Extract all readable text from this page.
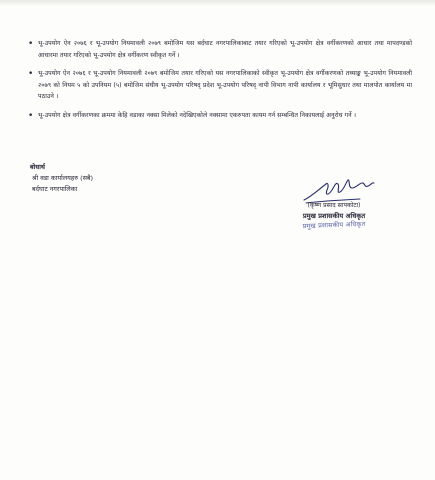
• भू-उपयोग ऐन २०७६ र भू-उपयोग नियमावली २०७९ बमोजिम यस बर्दघाट नगरपालिकाबाट तयार गरिएको भू-उपयोग क्षेत्र वर्गीकरणको आधार तथा मापदण्डको आधारमा तयार गरिएको भू-उपयोग क्षेत्र वर्गीकरण स्वीकृत गर्ने ।
• भू-उपयोग ऐन २०७६ र भू-उपयोग नियमावली २०७९ बमोजिम तयार गरिएको यस नगरपालिकाको स्वीकृत भू-उपयोग क्षेत्र वर्गीकरणको तथ्याङ्क भू-उपयोग नियमावली २०७९ को नियम ५ को उपनियम (५) बमोजिम संघीय भू-उपयोग परिषद् प्रदेश भू-उपयोग परिषद् नापी विभाग नापी कार्यालय र भूमिसुधार तथा मालपोत कार्यालय मा पठाउने ।
• भू-उपयोग क्षेत्र वर्गीकरणका क्रममा केहि वडाका नक्सा मिलेको नदेखिएकोले नक्सामा एकरुपता कायम गर्न सम्बन्धित निकायलाई अनुरोध गर्ने ।
बोधार्थ
श्री वडा कार्यालयहरु (सबै)
बर्दघाट नगरपालिका
(कृष्ण प्रसाद सापकोटा)
प्रमुख प्रशासकीय अधिकृत
प्रमुख प्रशासकीय अधिकृत
